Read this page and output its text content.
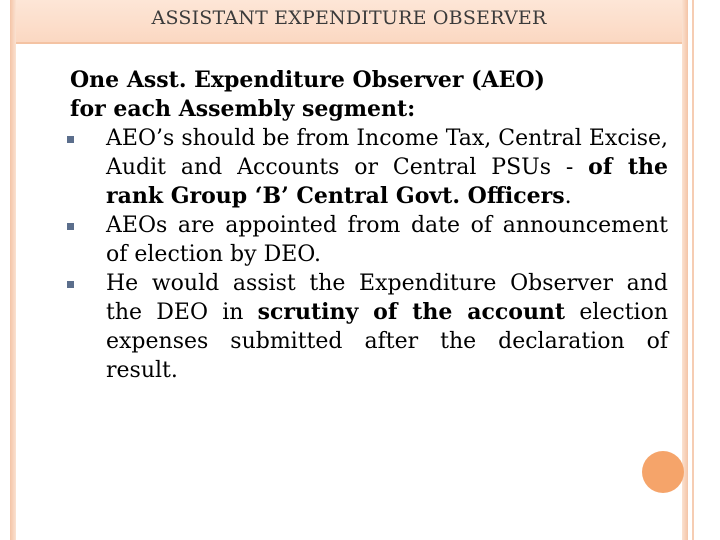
ASSISTANT EXPENDITURE OBSERVER

One Asst. Expenditure Observer (AEO)
for each Assembly segment:

AEO’s should be from Income Tax, Central Excise, Audit and Accounts or Central PSUs - of the rank Group ‘B’ Central Govt. Officers.
AEOs are appointed from date of announcement of election by DEO.
He would assist the Expenditure Observer and the DEO in scrutiny of the account election expenses submitted after the declaration of result.
